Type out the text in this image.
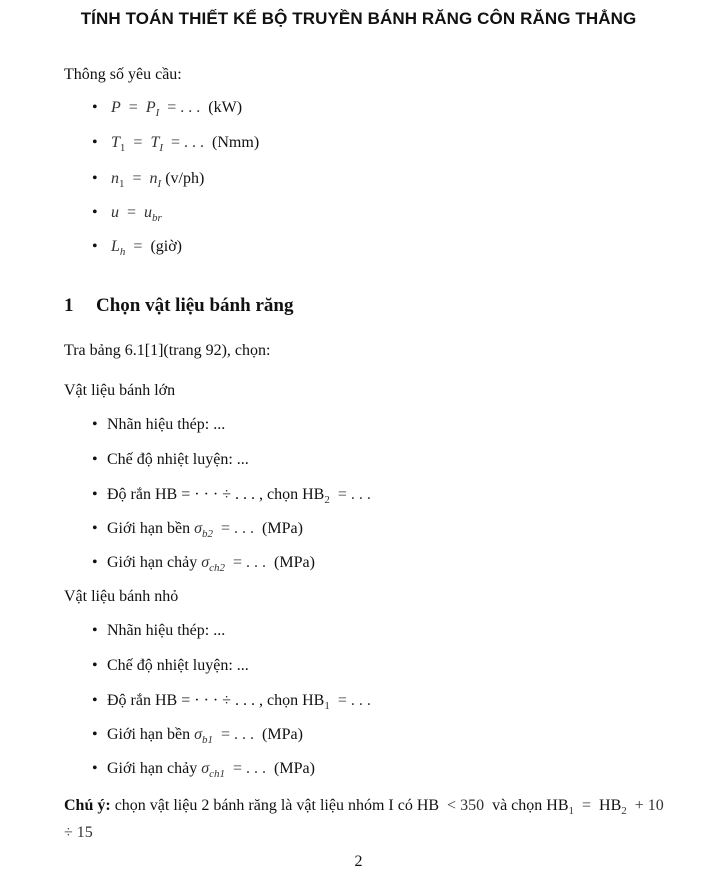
TÍNH TOÁN THIẾT KẾ BỘ TRUYỀN BÁNH RĂNG CÔN RĂNG THẲNG
Thông số yêu cầu:
• $P = P_I$ = . . . (kW)
• $T_1 = T_I$ = . . . (Nmm)
• $n_1 = n_I$ (v/ph)
• $u = u_{br}$
• $L_h$ = (giờ)
1 Chọn vật liệu bánh răng
Tra bảng 6.1[1](trang 92), chọn:
Vật liệu bánh lớn
• Nhãn hiệu thép: ...
• Chế độ nhiệt luyện: ...
• Độ rắn HB = · · · ÷ . . . , chọn $HB_2$ = . . .
• Giới hạn bền $\sigma_{b2}$ = . . . (MPa)
• Giới hạn chảy $\sigma_{ch2}$ = . . . (MPa)
Vật liệu bánh nhỏ
• Nhãn hiệu thép: ...
• Chế độ nhiệt luyện: ...
• Độ rắn HB = · · · ÷ . . . , chọn $HB_1$ = . . .
• Giới hạn bền $\sigma_{b1}$ = . . . (MPa)
• Giới hạn chảy $\sigma_{ch1}$ = . . . (MPa)
Chú ý: chọn vật liệu 2 bánh răng là vật liệu nhóm I có HB < 350 và chọn $HB_1 = HB_2 + 10 \div 15$
2
